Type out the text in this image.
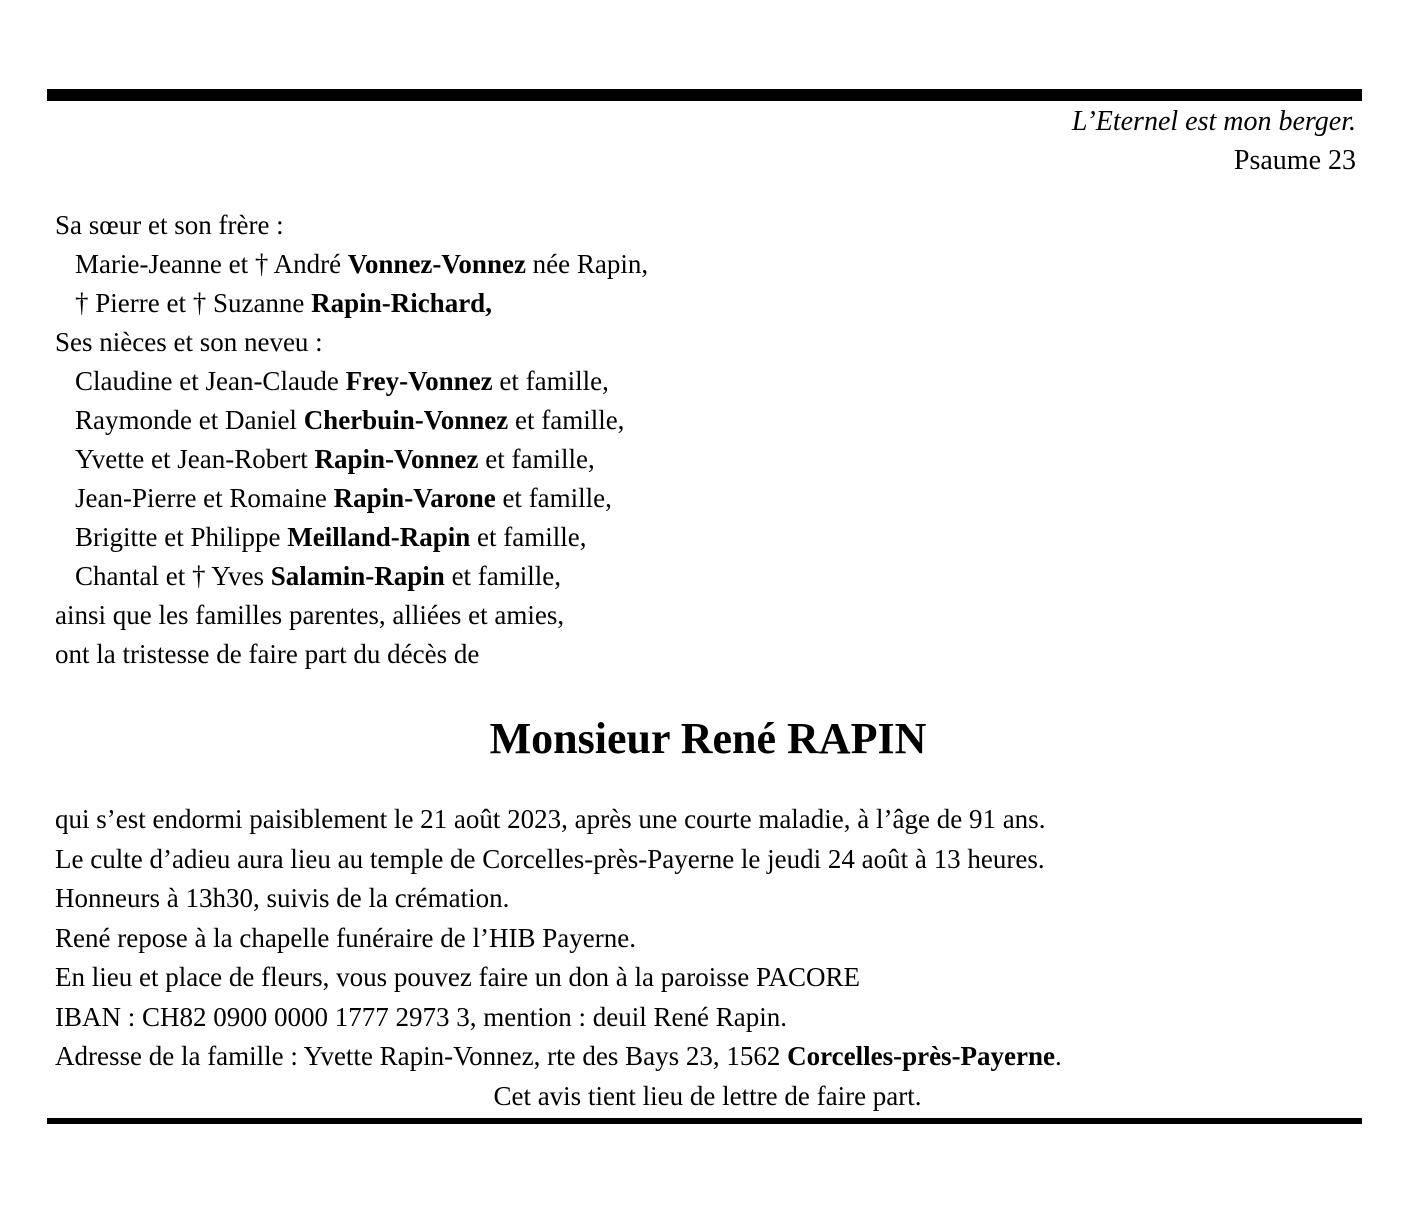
L’Eternel est mon berger.
Psaume 23
Sa sœur et son frère :
Marie-Jeanne et † André Vonnez-Vonnez née Rapin,
† Pierre et † Suzanne Rapin-Richard,
Ses nièces et son neveu :
Claudine et Jean-Claude Frey-Vonnez et famille,
Raymonde et Daniel Cherbuin-Vonnez et famille,
Yvette et Jean-Robert Rapin-Vonnez et famille,
Jean-Pierre et Romaine Rapin-Varone et famille,
Brigitte et Philippe Meilland-Rapin et famille,
Chantal et † Yves Salamin-Rapin et famille,
ainsi que les familles parentes, alliées et amies,
ont la tristesse de faire part du décès de
Monsieur René RAPIN
qui s’est endormi paisiblement le 21 août 2023, après une courte maladie, à l’âge de 91 ans.
Le culte d’adieu aura lieu au temple de Corcelles-près-Payerne le jeudi 24 août à 13 heures.
Honneurs à 13h30, suivis de la crémation.
René repose à la chapelle funéraire de l’HIB Payerne.
En lieu et place de fleurs, vous pouvez faire un don à la paroisse PACORE
IBAN : CH82 0900 0000 1777 2973 3, mention : deuil René Rapin.
Adresse de la famille : Yvette Rapin-Vonnez, rte des Bays 23, 1562 Corcelles-près-Payerne.
Cet avis tient lieu de lettre de faire part.
